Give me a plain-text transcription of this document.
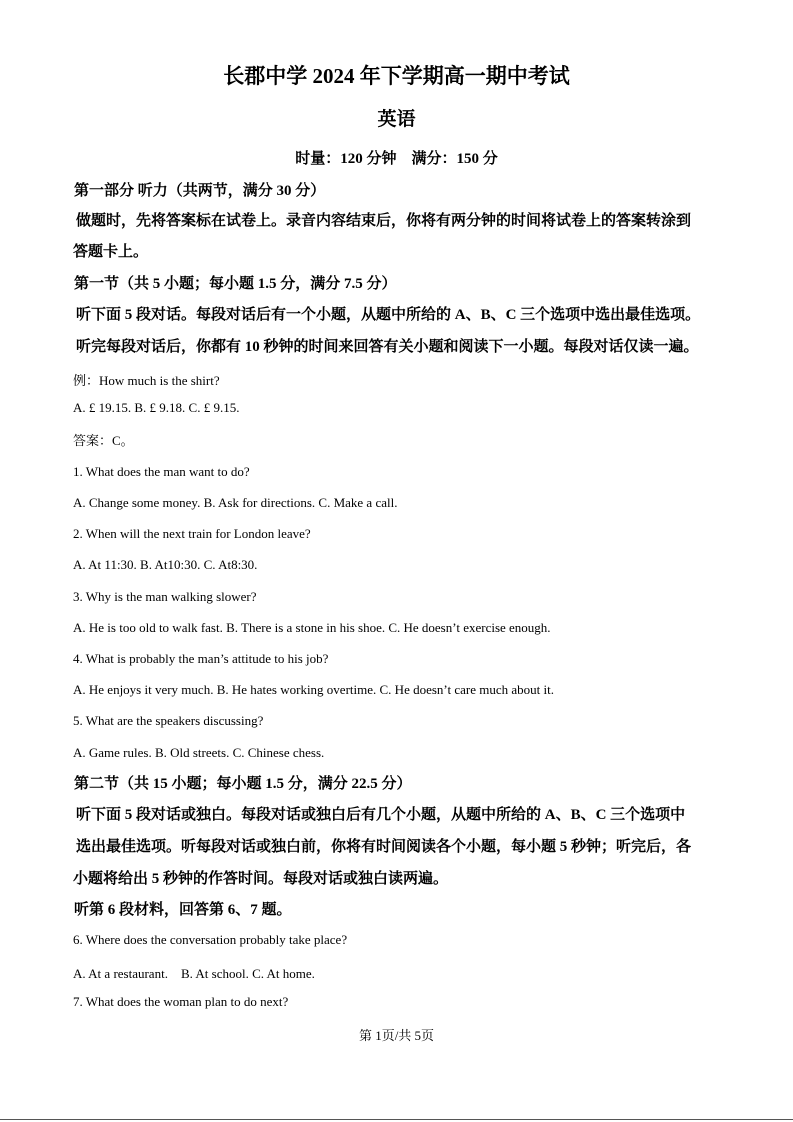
长郡中学 2024 年下学期高一期中考试
英语
时量：120 分钟　满分：150 分
第一部分 听力（共两节，满分 30 分）
做题时，先将答案标在试卷上。录音内容结束后，你将有两分钟的时间将试卷上的答案转涂到
答题卡上。
第一节（共 5 小题；每小题 1.5 分，满分 7.5 分）
听下面 5 段对话。每段对话后有一个小题，从题中所给的 A、B、C 三个选项中选出最佳选项。
听完每段对话后，你都有 10 秒钟的时间来回答有关小题和阅读下一小题。每段对话仅读一遍。
例：How much is the shirt?
A. £ 19.15. B. £ 9.18. C. £ 9.15.
答案：C。
1. What does the man want to do?
A. Change some money. B. Ask for directions. C. Make a call.
2. When will the next train for London leave?
A. At 11:30. B. At10:30. C. At8:30.
3. Why is the man walking slower?
A. He is too old to walk fast. B. There is a stone in his shoe. C. He doesn’t exercise enough.
4. What is probably the man’s attitude to his job?
A. He enjoys it very much. B. He hates working overtime. C. He doesn’t care much about it.
5. What are the speakers discussing?
A. Game rules. B. Old streets. C. Chinese chess.
第二节（共 15 小题；每小题 1.5 分，满分 22.5 分）
听下面 5 段对话或独白。每段对话或独白后有几个小题，从题中所给的 A、B、C 三个选项中
选出最佳选项。听每段对话或独白前，你将有时间阅读各个小题，每小题 5 秒钟；听完后，各
小题将给出 5 秒钟的作答时间。每段对话或独白读两遍。
听第 6 段材料，回答第 6、7 题。
6. Where does the conversation probably take place?
A. At a restaurant.　B. At school. C. At home.
7. What does the woman plan to do next?
第 1页/共 5页
